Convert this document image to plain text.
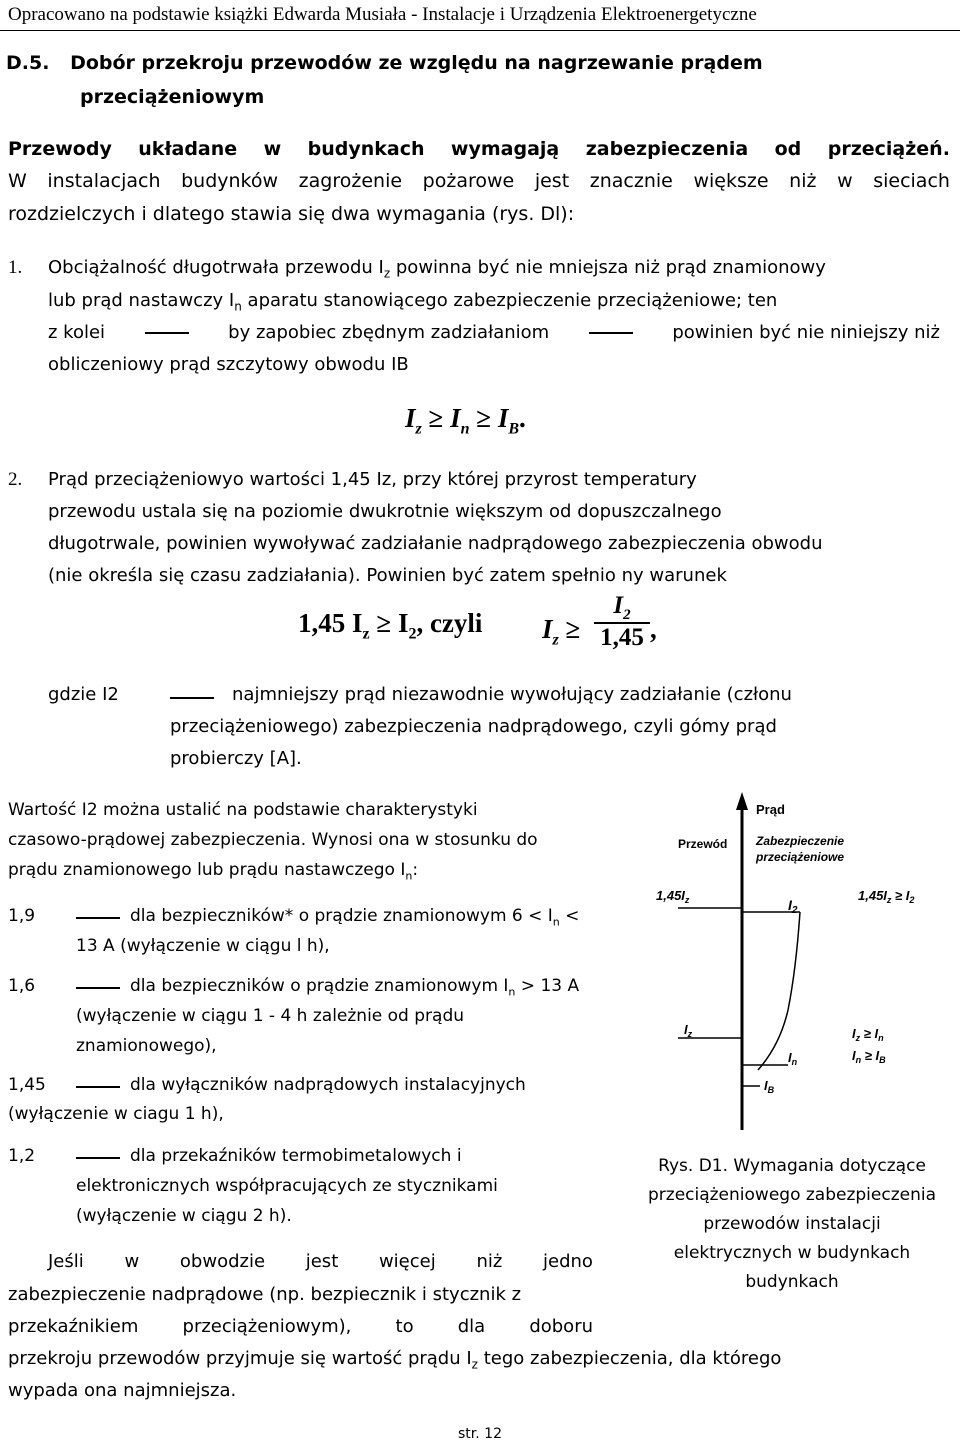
Opracowano na podstawie książki Edwarda Musiała - Instalacje i Urządzenia Elektroenergetyczne
D.5. Dobór przekroju przewodów ze względu na nagrzewanie prądem
przeciążeniowym
Przewody układane w budynkach wymagają zabezpieczenia od przeciążeń.
W instalacjach budynków zagrożenie pożarowe jest znacznie większe niż w sieciach
rozdzielczych i dlatego stawia się dwa wymagania (rys. Dl):
1. Obciążalność długotrwała przewodu $I_z$ powinna być nie mniejsza niż prąd znamionowy
lub prąd nastawczy $I_n$ aparatu stanowiącego zabezpieczenie przeciążeniowe; ten
z kolei	by zapobiec zbędnym zadziałaniom	powinien być nie niniejszy niż
obliczeniowy prąd szczytowy obwodu IB
$I_z \ge I_n \ge I_B$.
2. Prąd przeciążeniowyo wartości 1,45 Iz, przy której przyrost temperatury
przewodu ustala się na poziomie dwukrotnie większym od dopuszczalnego
długotrwale, powinien wywoływać zadziałanie nadprądowego zabezpieczenia obwodu
(nie określa się czasu zadziałania). Powinien być zatem spełnio ny warunek
1,45 $I_z \ge I_2$, czyli $I_z \ge \frac{I_2}{1,45}$ ,
gdzie I2	najmniejszy prąd niezawodnie wywołujący zadziałanie (członu
przeciążeniowego) zabezpieczenia nadprądowego, czyli gómy prąd
probierczy [A].
Wartość I2 można ustalić na podstawie charakterystyki
czasowo-prądowej zabezpieczenia. Wynosi ona w stosunku do
prądu znamionowego lub prądu nastawczego $I_n$:
1,9	dla bezpieczników* o prądzie znamionowym $6 < I_n$ <
13 A (wyłączenie w ciągu l h),
1,6	dla bezpieczników o prądzie znamionowym $I_n > 13$ A
(wyłączenie w ciągu 1 - 4 h zależnie od prądu
znamionowego),
1,45	dla wyłączników nadprądowych instalacyjnych
(wyłączenie w ciagu 1 h),
1,2	dla przekaźników termobimetalowych i
elektronicznych współpracujących ze stycznikami
(wyłączenie w ciągu 2 h).
Jeśli w obwodzie jest więcej niż jedno
zabezpieczenie nadprądowe (np. bezpiecznik i stycznik z
przekaźnikiem przeciążeniowym), to dla doboru
przekroju przewodów przyjmuje się wartość prądu $I_z$ tego zabezpieczenia, dla którego
wypada ona najmniejsza.
Prąd
Przewód Zabezpieczenie
przeciążeniowe
$1,45I_z$	$I_2$
$1,45I_z \ge I_2$
$I_z$
$I_n$
$I_B$
$I_z \ge I_n$
$I_n \ge I_B$
Rys. D1. Wymagania dotyczące
przeciążeniowego zabezpieczenia
przewodów instalacji
elektrycznych w budynkach
budynkach
str. 12
